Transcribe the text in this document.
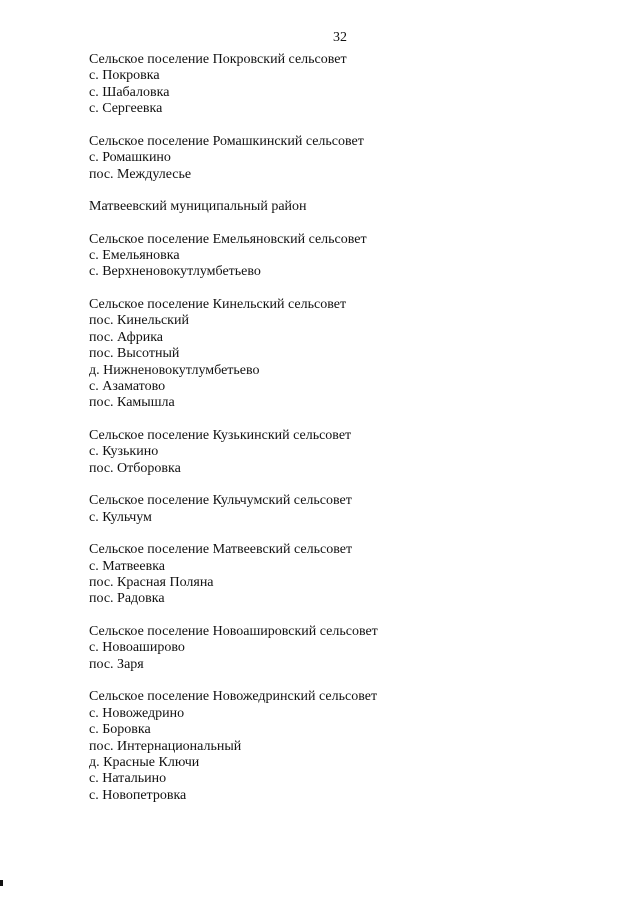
32
Сельское поселение Покровский сельсовет
с. Покровка
с. Шабаловка
с. Сергеевка
Сельское поселение Ромашкинский сельсовет
с. Ромашкино
пос. Междулесье
Матвеевский муниципальный район
Сельское поселение Емельяновский сельсовет
с. Емельяновка
с. Верхненовокутлумбетьево
Сельское поселение Кинельский сельсовет
пос. Кинельский
пос. Африка
пос. Высотный
д. Нижненовокутлумбетьево
с. Азаматово
пос. Камышла
Сельское поселение Кузькинский сельсовет
с. Кузькино
пос. Отборовка
Сельское поселение Кульчумский сельсовет
с. Кульчум
Сельское поселение Матвеевский сельсовет
с. Матвеевка
пос. Красная Поляна
пос. Радовка
Сельское поселение Новоашировский сельсовет
с. Новоаширово
пос. Заря
Сельское поселение Новожедринский сельсовет
с. Новожедрино
с. Боровка
пос. Интернациональный
д. Красные Ключи
с. Натальино
с. Новопетровка
